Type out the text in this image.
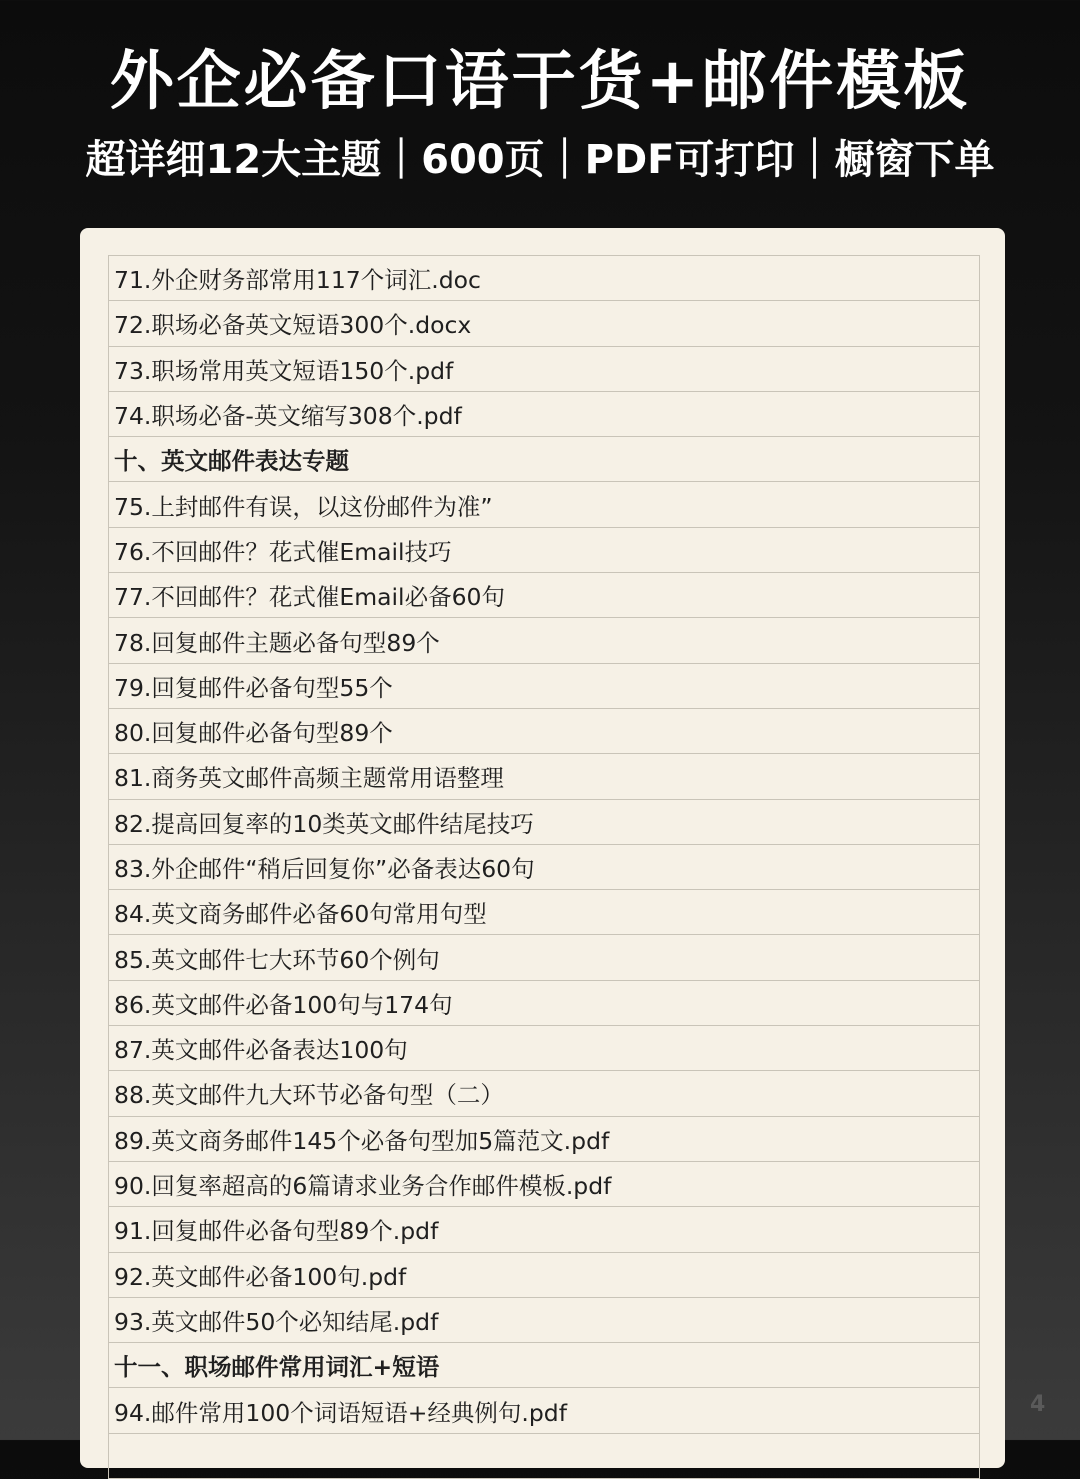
外企必备口语干货+邮件模板
超详细12大主题｜600页｜PDF可打印｜橱窗下单
71.外企财务部常用117个词汇.doc
72.职场必备英文短语300个.docx
73.职场常用英文短语150个.pdf
74.职场必备-英文缩写308个.pdf
十、英文邮件表达专题
75.上封邮件有误，以这份邮件为准”
76.不回邮件？花式催Email技巧
77.不回邮件？花式催Email必备60句
78.回复邮件主题必备句型89个
79.回复邮件必备句型55个
80.回复邮件必备句型89个
81.商务英文邮件高频主题常用语整理
82.提高回复率的10类英文邮件结尾技巧
83.外企邮件“稍后回复你”必备表达60句
84.英文商务邮件必备60句常用句型
85.英文邮件七大环节60个例句
86.英文邮件必备100句与174句
87.英文邮件必备表达100句
88.英文邮件九大环节必备句型（二）
89.英文商务邮件145个必备句型加5篇范文.pdf
90.回复率超高的6篇请求业务合作邮件模板.pdf
91.回复邮件必备句型89个.pdf
92.英文邮件必备100句.pdf
93.英文邮件50个必知结尾.pdf
十一、职场邮件常用词汇+短语
94.邮件常用100个词语短语+经典例句.pdf	4
